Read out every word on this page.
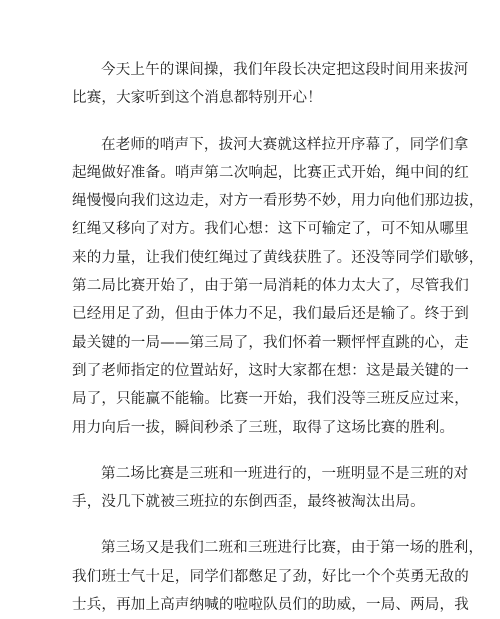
今天上午的课间操，我们年段长决定把这段时间用来拔河
比赛，大家听到这个消息都特别开心！
在老师的哨声下，拔河大赛就这样拉开序幕了，同学们拿
起绳做好准备。哨声第二次响起，比赛正式开始，绳中间的红
绳慢慢向我们这边走，对方一看形势不妙，用力向他们那边拔，
红绳又移向了对方。我们心想：这下可输定了，可不知从哪里
来的力量，让我们使红绳过了黄线获胜了。还没等同学们歇够，
第二局比赛开始了，由于第一局消耗的体力太大了，尽管我们
已经用足了劲，但由于体力不足，我们最后还是输了。终于到
最关键的一局——第三局了，我们怀着一颗怦怦直跳的心，走
到了老师指定的位置站好，这时大家都在想：这是最关键的一
局了，只能赢不能输。比赛一开始，我们没等三班反应过来，
用力向后一拔，瞬间秒杀了三班，取得了这场比赛的胜利。
第二场比赛是三班和一班进行的，一班明显不是三班的对
手，没几下就被三班拉的东倒西歪，最终被淘汰出局。
第三场又是我们二班和三班进行比赛，由于第一场的胜利，
我们班士气十足，同学们都憋足了劲，好比一个个英勇无敌的
士兵，再加上高声纳喊的啦啦队员们的助威，一局、两局，我
